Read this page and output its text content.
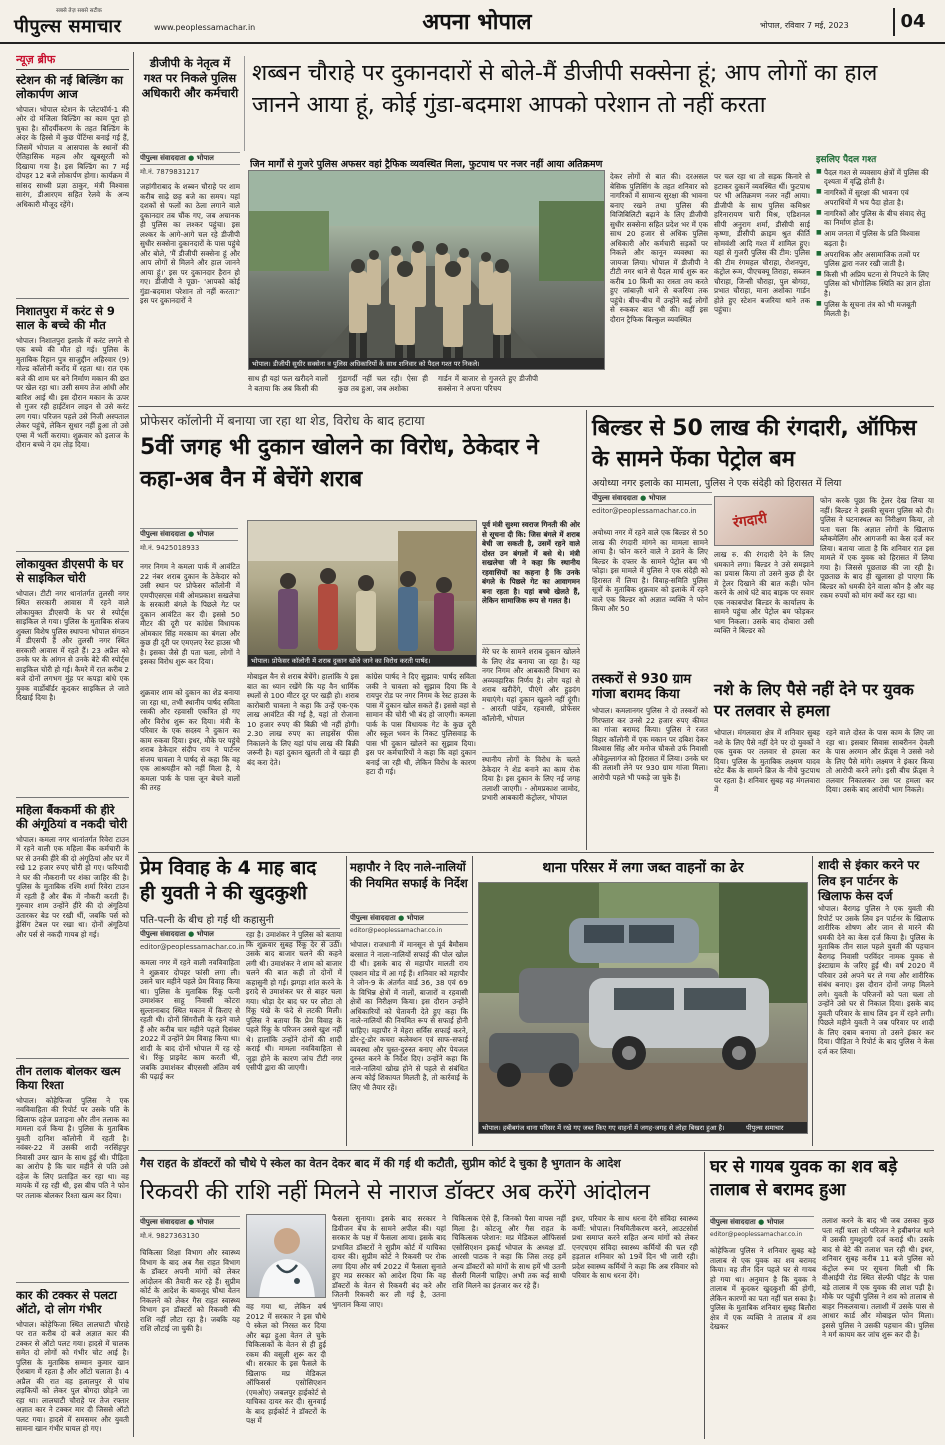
सबसे तेज़ सबसे सटीक
पीपुल्स समाचार	www.peoplessamachar.in	अपना भोपाल	भोपाल, रविवार 7 मई, 2023	04
न्यूज़ ब्रीफ
स्टेशन की नई बिल्डिंग का लोकार्पण आज
भोपाल। भोपाल स्टेशन के प्लेटफॉर्म-1 की ओर दो मंजिला बिल्डिंग का काम पूरा हो चुका है। सौंदर्यीकरण के तहत बिल्डिंग के अंदर के हिस्से में कुछ पेंटिंग्स बनाई गई हैं, जिसमें भोपाल व आसपास के स्थानों की ऐतिहासिक महत्व और खूबसूरती को दिखाया गया है। इस बिल्डिंग का 7 मई दोपहर 12 बजे लोकार्पण होगा। कार्यक्रम में सांसद साध्वी प्रज्ञा ठाकुर, मंत्री विश्वास सारंग, डीआरएम सहित रेलवे के अन्य अधिकारी मौजूद रहेंगे।
निशातपुरा में करंट से 9 साल के बच्चे की मौत
भोपाल। निशातपुरा इलाके में करंट लगने से एक बच्चे की मौत हो गई। पुलिस के मुताबिक रिहान पुत्र साजुद्दीन अहिरवार (9) गोल्ड कॉलोनी करोंद में रहता था। रात एक बजे की शाम घर बने निर्माण मकान की छत पर खेल रहा था। उसी समय तेज आंधी और बारिश आई थी। इस दौरान मकान के ऊपर से गुजर रही हाईटेंशन लाइन से उसे करंट लग गया। परिजन पहले उसे निजी अस्पताल लेकर पहुंचे, लेकिन सुधार नहीं हुआ तो उसे एम्स में भर्ती कराया। शुक्रवार को इलाज के दौरान बच्चे ने दम तोड़ दिया।
लोकायुक्त डीएसपी के घर से साइकिल चोरी
भोपाल। टीटी नगर थानांतर्गत तुलसी नगर स्थित सरकारी आवास में रहने वाले लोकायुक्त डीएसपी के घर से स्पोर्ट्स साइकिल ले गया। पुलिस के मुताबिक संजय शुक्ला विशेष पुलिस स्थापना भोपाल संगठन में डीएसपी हैं और तुलसी नगर स्थित सरकारी आवास में रहते हैं। 23 अप्रैल को उनके घर के आंगन से उनके बेटे की स्पोर्ट्स साइकिल चोरी हो गई। कैमरे में रात करीब 2 बजे दोनों लगभग मुंह पर कपड़ा बांधे एक युवक वार्डाेबॉर्डर कूदकर साइकिल ले जाते दिखाई दिया है।
महिला बैंककर्मी की हीरे की अंगूठियां व नकदी चोरी
भोपाल। कमला नगर थानांतर्गत रिवेरा टाउन में रहने वाली एक महिला बैंक कर्मचारी के घर से उनकी हीरे की दो अंगूठियां और घर में रखे 12 हजार रुपए चोरी हो गए। फरियादी ने घर की नौकरानी पर शंका जाहिर की है। पुलिस के मुताबिक रश्मि शर्मा रिवेरा टाउन में रहती हैं और बैंक में नौकरी करती हैं। गुरुवार शाम उन्होंने हीरे की दो अंगूठियां उतारकर बेड पर रखी थीं, जबकि पर्स को ड्रेसिंग टेबल पर रखा था। दोनों अंगूठियां और पर्स से नकदी गायब हो गई।
तीन तलाक बोलकर खत्म किया रिश्ता
भोपाल। कोहेफिजा पुलिस ने एक नवविवाहिता की रिपोर्ट पर उसके पति के खिलाफ दहेज प्रताड़ना और तीन तलाक का मामला दर्ज किया है। पुलिस के मुताबिक युवती दानिश कॉलोनी में रहती है। नवंबर-22 में उसकी शादी नरसिंहपुर निवासी उमर खान के साथ हुई थी। पीड़िता का आरोप है कि चार महीने से पति उसे दहेज के लिए प्रताड़ित कर रहा था। वह मायके में रह रही थी, इस बीच पति ने फोन पर तलाक बोलकर रिश्ता खत्म कर दिया।
कार की टक्कर से पलटा ऑटो, दो लोग गंभीर
भोपाल। कोहेफिजा स्थित लालघाटी चौराहे पर रात करीब दो बजे अज्ञात कार की टक्कर से ऑटो पलट गया। हादसे में चालक समेत दो लोगों को गंभीर चोट आई है। पुलिस के मुताबिक सम्मान कुमार खान ऐशबाग में रहता है और ऑटो चलाता है। 4 अप्रैल की रात वह हलालपुर से पांच लड़कियों को लेकर पुल बोगदा छोड़ने जा रहा था। लालघाटी चौराहे पर तेज रफ्तार अज्ञात कार ने टक्कर मार दी जिससे ऑटो पलट गया। हादसे में समसमर और युवती सामना खान गंभीर घायल हो गए।
डीजीपी के नेतृत्व में गश्त पर निकले पुलिस अधिकारी और कर्मचारी
शब्बन चौराहे पर दुकानदारों से बोले-मैं डीजीपी सक्सेना हूं; आप लोगों का हाल जानने आया हूं, कोई गुंडा-बदमाश आपको परेशान तो नहीं करता
जिन मार्गों से गुजरे पुलिस अफसर वहां ट्रैफिक व्यवस्थित मिला, फुटपाथ पर नजर नहीं आया अतिक्रमण
पीपुल्स संवाददाता ● भोपाल
मो.नं. 7879831217
जहांगीराबाद के शब्बन चौराहे पर शाम करीब साढ़े छह बजे का समय। यहां दशकों से फलों का ठेला लगाने वाले दुकानदार तब चौंक गए, जब अचानक ही पुलिस का लश्कर पहुंचा। इस लश्कर के आगे-आगे चल रहे डीजीपी सुधीर सक्सेना दुकानदारों के पास पहुंचे और बोले, 'मैं डीजीपी सक्सेना हूं और आप लोगों से मिलने और हाल जानने आया हूं।' इस पर दुकानदार हैरान हो गए। डीजीपी ने पूछा- 'आपको कोई गुंडा-बदमाश परेशान तो नहीं करता?' इस पर दुकानदारों ने
भोपाल। डीजीपी सुधीर सक्सेना व पुलिस अधिकारियों के साथ शनिवार को पैदल गश्त पर निकले।
साथ ही यहां फल खरीदने वालों ने बताया कि अब किसी की
गुंडागर्दी नहीं चल रही। ऐसा ही कुछ तब हुआ, जब अशोका
गार्डन में बाजार से गुजरते हुए डीजीपी सक्सेना ने अपना परिचय
देकर लोगों से बात की। दरअसल बेसिक पुलिसिंग के तहत शनिवार को नागरिकों में सामान्य सुरक्षा की भावना बनाए रखने तथा पुलिस की विजिबिलिटी बढ़ाने के लिए डीजीपी सुधीर सक्सेना सहित प्रदेश भर में एक साथ 20 हजार से अधिक पुलिस अधिकारी और कर्मचारी सड़कों पर निकले और कानून व्यवस्था का जायजा लिया। भोपाल में डीजीपी ने टीटी नगर थाने से पैदल मार्च शुरू कर करीब 10 किमी का रास्ता तय करते हुए जांबाज़ी थाने से बजरिया तक पहुंचे। बीच-बीच में उन्होंने कई लोगों से रुककर बात भी की। वहीं इस दौरान ट्रैफिक बिल्कुल व्यवस्थित
पर चल रहा था तो सड़क किनारे से हटाकर दुकानें व्यवस्थित थीं। फुटपाथ पर भी अतिक्रमण नजर नहीं आया। डीजीपी के साथ पुलिस कमिश्नर हरिनारायण चारी मिश्र, एडिशनल सीपी अनुराग शर्मा, डीसीपी साई कृष्णा, डीसीपी क्राइम श्रुत कीर्ति सोमवंशी आदि गश्त में शामिल हुए। यहां से गुजरी पुलिस की टीम: पुलिस की टीम रंगमहल चौराहा, रोशनपुरा, कंट्रोल रूम, पीएचक्यू तिराहा, सब्जन चौराहा, जिन्सी चौराहा, पुल बोगदा, प्रभात चौराहा, माना अशोका गार्डन होते हुए स्टेशन बजरिया थाने तक पहुंचा।
इसलिए पैदल गश्त
■ पैदल गश्त से व्यवसाय क्षेत्रों में पुलिस की दृश्यता में वृद्धि होती है।
■ नागरिकों में सुरक्षा की भावना एवं अपराधियों में भय पैदा होता है।
■ नागरिकों और पुलिस के बीच संवाद सेतु का निर्माण होता है।
■ आम जनता में पुलिस के प्रति विश्वास बढ़ता है।
■ अपराधिक और असामाजिक तत्वों पर पुलिस द्वारा नजर रखी जाती है।
■ किसी भी अप्रिय घटना से निपटने के लिए पुलिस को भौगोलिक स्थिति का ज्ञान होता है।
■ पुलिस के सूचना तंत्र को भी मजबूती मिलती है।
प्रोफेसर कॉलोनी में बनाया जा रहा था शेड, विरोध के बाद हटाया
5वीं जगह भी दुकान खोलने का विरोध, ठेकेदार ने कहा-अब वैन में बेचेंगे शराब
पीपुल्स संवाददाता ● भोपाल
मो.नं. 9425018933
भोपाल। प्रोफेसर कॉलोनी में शराब दुकान खोले जाने का विरोध करती पार्षद।
नगर निगम ने कमला पार्क में आवंटित 22 नंबर शराब दुकान के ठेकेदार को उसी स्थान पर प्रोफेसर कॉलोनी में एमपीएसएस मंत्री ओमप्रकाश सखलेचा के सरकारी बंगले के पिछले गेट पर दुकान आवंटित कर दी। इससे 50 मीटर की दूरी पर कांग्रेस विधायक ओमकार सिंह मरकाम का बंगला और कुछ ही दूरी पर एमएलए रेस्ट हाउस भी है। इसका जैसे ही पता चला, लोगों ने इसका विरोध शुरू कर दिया।
शुक्रवार शाम को दुकान का शेड बनाया जा रहा था, तभी स्थानीय पार्षद सविता रसकी और रहवासी एकत्रित हो गए और विरोध शुरू कर दिया। मंत्री के परिवार के एक सदस्य ने दुकान का काम रुकवा दिया। इधर, मौके पर पहुंचे शराब ठेकेदार संदीप राय ने पार्टनर संजय चावला ने पार्षद से कहा कि वह एक आश्रयहीन को नहीं मिला है, ये कमला पार्क के पास जून बेचने वालों की तरह
मोबाइल वैन से शराब बेचेंगे। हालांकि ये इस बात का ध्यान रखेंगे कि यह वैन धार्मिक स्थलों से 100 मीटर दूर पर खड़ी हो। शराब कारोबारी चावला ने कहा कि उन्हें एक-एक लाख आवंटित की गई है, यहां तो रोजाना 10 हजार रुपए की बिक्री भी नहीं होगी। 2.30 लाख रुपए का लाइसेंस फीस निकालने के लिए यहां पांच लाख की बिक्री जरूरी है। यहां दुकान खुलती तो वे खड़ा ही बंद करा देते।
कांग्रेस पार्षद ने दिए सुझाव: पार्षद सविता जकी ने चावला को सुझाव दिया कि वे रायपुर रोड पर नगर निगम के रेस्ट हाउस के पास में दुकान खोल सकते हैं। इससे वहां से सामान की चोरी भी बंद हो जाएगी। कमला पार्क के पास विधायक गेट के कुछ दूरी और स्कूल भवन के निकट पुलिसवाड़ के पास भी दुकान खोलने का सुझाव दिया। इस पर कर्मचारियों ने कहा कि वहां दुकान बनाई जा रही थी, लेकिन विरोध के कारण हटा दी गई।
पूर्व मंत्री सुश्मा स्वराज गिनती की ओर से सूचना दी कि: जिस बंगले में शराब बेची जा सकती है, उसमें रहने वाले दोस्त उन बंगलों में बसे थे। मंत्री सखलेचा जी ने कहा कि स्थानीय रहवासियों का कहना है कि उनके बंगले के पिछले गेट का आवागमन बना रहता है। यहां बच्चे खेलते हैं, लेकिन सामाजिक रूप से गलत है।
मेरे घर के सामने शराब दुकान खोलने के लिए शेड बनाया जा रहा है। यह नगर निगम और आबकारी विभाग का अव्यवहारिक निर्णय है। लोग यहां से शराब खरीदेंगे, पीएंगे और हुड़दंग मचाएंगे। यहां दुकान खुलने नहीं दूंगी। - आरती पांडेय, रहवासी, प्रोफेसर कॉलोनी, भोपाल
स्थानीय लोगों के विरोध के चलते ठेकेदार ने शेड बनाने का काम रोक दिया है। इस दुकान के लिए नई जगह तलाशी जाएगी। - ओमप्रकाश जामोद, प्रभारी आबकारी कंट्रोलर, भोपाल
बिल्डर से 50 लाख की रंगदारी, ऑफिस के सामने फेंका पेट्रोल बम
अयोध्या नगर इलाके का मामला, पुलिस ने एक संदेही को हिरासत में लिया
पीपुल्स संवाददाता ● भोपाल
editor@peoplessamachar.co.in	रंगदारी
अयोध्या नगर में रहने वाले एक बिल्डर से 50 लाख की रंगदारी मांगने का मामला सामने आया है। फोन करने वाले ने डराने के लिए बिल्डर के दफ्तर के सामने पेट्रोल बम भी फोड़ा। इस मामले में पुलिस ने एक संदेही को हिरासत में लिया है। विवाह-समिति पुलिस सूत्रों के मुताबिक शुक्रवार को इलाके में रहने वाले एक बिल्डर को अज्ञात व्यक्ति ने फोन किया और 50
लाख रु. की रंगदारी देने के लिए धमकाने लगा। बिल्डर ने उसे समझाने का प्रयास किया तो उसने कुछ ही देर में ट्रेलर दिखाने की बात कही। फोन करने के आधे घंटे बाद बाइक पर सवार एक नकाबपोश बिल्डर के कार्यालय के सामने पहुंचा और पेट्रोल बम फोड़कर भाग निकला। उसके बाद दोबारा उसी व्यक्ति ने बिल्डर को
फोन करके पूछा कि ट्रेलर देख लिया या नहीं। बिल्डर ने इसकी सूचना पुलिस को दी। पुलिस ने घटनास्थल का निरीक्षण किया, तो पता चला कि अज्ञात लोगों के खिलाफ ब्लैकमेलिंग और आगजनी का केस दर्ज कर लिया। बताया जाता है कि शनिवार रात इस मामले में एक युवक को हिरासत में लिया गया है। जिससे पूछताछ की जा रही है। पूछताछ के बाद ही खुलासा हो पाएगा कि बिल्डर को धमकी देने वाला कौन है और वह रकम रुपयों को मांग क्यों कर रहा था।
तस्करों से 930 ग्राम गांजा बरामद किया
भोपाल। कमलानगर पुलिस ने दो तस्करों को गिरफ्तार कर उनसे 22 हजार रुपए कीमत का गांजा बरामद किया। पुलिस ने रजत विहार कॉलोनी में एक मकान पर दबिश देकर विश्वास सिंह और मनोज चौकसे उर्फ निवासी औवेदुल्लागंज को हिरासत में लिया। उनके घर की तलाशी लेने पर 930 ग्राम गांजा मिला। आरोपी पहले भी पकड़े जा चुके हैं।
नशे के लिए पैसे नहीं देने पर युवक पर तलवार से हमला
भोपाल। मंगलवारा क्षेत्र में शनिवार सुबह नशे के लिए पैसे नहीं देने पर दो युवकों ने एक युवक पर तलवार से हमला कर दिया। पुलिस के मुताबिक लक्ष्मण यादव स्टेट बैंक के सामने ब्रिज के नीचे फुटपाथ पर रहता है। शनिवार सुबह वह मंगलवारा में
रहने वाले दोस्त के पास काम के लिए जा रहा था। इसबार सिवास साबरीनन देवली के पास अरमान और फ्रेंड्स ने उससे नशे के लिए पैसे मांगे। लक्ष्मण ने इंकार किया तो आरोपी करने लगे। इसी बीच फ्रेंड्स ने तलवार निकालकर उस पर हमला कर दिया। उसके बाद आरोपी भाग निकले।
प्रेम विवाह के 4 माह बाद ही युवती ने की खुदकुशी
पति-पत्नी के बीच हो गई थी कहासुनी
पीपुल्स संवाददाता ● भोपाल
editor@peoplessamachar.co.in
कमला नगर में रहने वाली नवविवाहिता ने शुक्रवार दोपहर फांसी लगा ली। उसने चार महीने पहले प्रेम विवाह किया था। पुलिस के मुताबिक रिंकू पत्नी उमाशंकर साहू निवासी कोटरा सुल्तानाबाद स्थित मकान में किराए से रहती थी। दोनों सिंगरौली के रहने वाले हैं और करीब चार महीने पहले दिसंबर 2022 में उन्होंने प्रेम विवाह किया था। शादी के बाद दोनों भोपाल में रह रहे थे। रिंकू प्राइवेट काम करती थी, जबकि उमाशंकर बीएससी अंतिम वर्ष की पढ़ाई कर
रहा है। उमाशंकर ने पुलिस को बताया कि शुक्रवार सुबह रिंकू देर से उठी। उसके बाद बाजार चलने की कहने लगी थी। उमाशंकर ने शाम को बाजार चलने की बात कही तो दोनों में कहासुनी हो गई। झगड़ा शांत करने के इरादे से उमाशंकर घर से बाहर चला गया। थोड़ा देर बाद घर पर लौटा तो रिंकू पंखे के फंदे से लटकी मिली। पुलिस ने बताया कि प्रेम विवाह के पहले रिंकू के परिजन उससे खुश नहीं थे। हालांकि उन्होंने दोनों की शादी कराई थी। मामला नवविवाहिता से जुड़ा होने के कारण जांच टीटी नगर एसीपी द्वारा की जाएगी।
महापौर ने दिए नाले-नालियों की नियमित सफाई के निर्देश
पीपुल्स संवाददाता ● भोपाल
editor@peoplessamachar.co.in
भोपाल। राजधानी में मानसून से पूर्व बैमौसम बरसात ने नाला-नालियों सफाई की पोल खोल दी थी। इसके बाद से महापौर मालती राय एक्शन मोड में आ गई हैं। शनिवार को महापौर ने जोन-9 के अंतर्गत वार्ड 36, 38 एवं 69 के विभिन्न क्षेत्रों में नालों, बाजारों व रहवासी क्षेत्रों का निरीक्षण किया। इस दौरान उन्होंने अधिकारियों को चेतावनी देते हुए कहा कि नाले-नालियों की नियमित रूप से सफाई होनी चाहिए। महापौर ने मेहरा सर्विस सफाई करने, डोर-टू-डोर कचरा कलेक्शन एवं साफ-सफाई व्यवस्था और चुस्त-दुरुस्त बनाए और पेयजल दुरुस्त करने के निर्देश दिए। उन्होंने कहा कि नाले-नालियां खोख होने से पहले से संबंधित अन्य कोई शिकायत मिलती है, तो कार्रवाई के लिए भी तैयार रहें।
थाना परिसर में लगा जब्त वाहनों का ढेर
भोपाल। हबीबगंज थाना परिसर में रखे गए जब्त किए गए वाहनों में जगह-जगह से लोहा बिखरा हुआ है।	पीपुल्स समाचार
शादी से इंकार करने पर लिव इन पार्टनर के खिलाफ केस दर्ज
भोपाल। बैरागढ़ पुलिस ने एक युवती की रिपोर्ट पर उसके लिव इन पार्टनर के खिलाफ शारीरिक शोषण और जान से मारने की धमकी देने का केस दर्ज किया है। पुलिस के मुताबिक तीन साल पहले युवती की पहचान बैरागढ़ निवासी परविंदर नामक युवक से इंस्टाग्राम के जरिए हुई थी। वर्ष 2020 में परिवार उसे अपने घर ले गया और शारीरिक संबंध बनाए। इस दौरान दोनों जगह मिलने लगे। युवती के परिजनों को पता चला तो उन्होंने उसे घर से निकाल दिया। इसके बाद युवती परिवार के साथ लिव इन में रहने लगी। पिछले महीने युवती ने जब परिवार पर शादी के लिए दबाव बनाया तो उसने इंकार कर दिया। पीड़िता ने रिपोर्ट के बाद पुलिस ने केस दर्ज कर लिया।
गैस राहत के डॉक्टरों को चौथे पे स्केल का वेतन देकर बाद में की गई थी कटौती, सुप्रीम कोर्ट दे चुका है भुगतान के आदेश
रिकवरी की राशि नहीं मिलने से नाराज डॉक्टर अब करेंगे आंदोलन
पीपुल्स संवाददाता ● भोपाल
मो.नं. 9827363130
चिकित्सा शिक्षा विभाग और स्वास्थ्य विभाग के बाद अब गैस राहत विभाग के डॉक्टर अपनी मांगों को लेकर आंदोलन की तैयारी कर रहे हैं। सुप्रीम कोर्ट के आदेश के बावजूद चौथा वेतन निकलने को लेकर गैस राहत स्वास्थ्य विभाग इन डॉक्टरों को रिकवरी की राशि नहीं लौटा रहा है। जबकि यह राशि लौटाई जा चुकी है।
वह गया था, लेकिन वर्ष 2012 में सरकार ने इस चौथे पे स्केल को निरस्त कर दिया और बढ़ा हुआ वेतन ले चुके चिकित्सकों के वेतन से ही हुई रकम की वसूली शुरू कर दी थी। सरकार के इस फैसले के खिलाफ मप्र मेडिकल ऑफिसर्स एसोसिएशन (एमओए) जबलपुर हाईकोर्ट से याचिका दायर कर दी। सुनवाई के बाद हाईकोर्ट ने डॉक्टरों के पक्ष में
फैसला सुनाया। इसके बाद सरकार ने डिवीजन बेंच के सामने अपील की। यहां सरकार के पक्ष में फैसला आया। इसके बाद प्रभावित डॉक्टरों ने सुप्रीम कोर्ट में याचिका दायर की। सुप्रीम कोर्ट ने रिकवरी पर रोक लगा दिया और वर्ष 2022 में फैसला सुनाते हुए मप्र सरकार को आदेश दिया कि वह डॉक्टरों के वेतन से रिकवरी बंद करे और जितनी रिकवरी कर ली गई है, उतना भुगतान किया जाए।
चिकित्सक ऐसे हैं, जिनको पैसा वापस नहीं मिला है। कोटजू और गैस राहत के चिकित्सक परेशान: मप्र मेडिकल ऑफिसर्स एसोसिएशन इकाई भोपाल के अध्यक्ष डॉ. आरसी पाठक ने कहा कि जिस तरह हमें अन्य डॉक्टरों को मांगों के साथ हमें भी उतनी सैलरी मिलनी चाहिए। अभी तक कई साथी राशि मिलने का इंतजार कर रहे हैं।
इधर, परिवार के साथ धरना देंगे संविदा स्वास्थ्य कर्मी: भोपाल। नियमितीकरण करने, आउटसोर्स प्रथा समाप्त करने सहित अन्य मांगों को लेकर एनएचएम संविदा स्वास्थ्य कर्मियों की चल रही हड़ताल शनिवार को 19वें दिन भी जारी रही। प्रदेश स्वास्थ्य कर्मियों ने कहा कि अब रविवार को परिवार के साथ धरना देंगे।
घर से गायब युवक का शव बड़े तालाब से बरामद हुआ
पीपुल्स संवाददाता ● भोपाल
editor@peoplessamachar.co.in
कोहेफिजा पुलिस ने शनिवार सुबह बड़े तालाब से एक युवक का शव बरामद किया। वह तीन दिन पहले घर से गायब हो गया था। अनुमान है कि युवक ने तालाब में कूदकर खुदकुशी की होगी, लेकिन कारणों का पता नहीं चल सका है। पुलिस के मुताबिक शनिवार सुबह बिलौरा क्षेत्र में एक व्यक्ति ने तालाब में शव देखकर
तलाश करने के बाद भी जब उसका कुछ पता नहीं चला तो परिजन ने हबीबगंज थाने में उसकी गुमशुदगी दर्ज कराई थी। उसके बाद से बेटे की तलाश चल रही थी। इधर, शनिवार सुबह करीब 11 बजे पुलिस को कंट्रोल रूम पर सूचना मिली थी कि वीआईपी रोड स्थित सेल्फी पॉइंट के पास बड़े तालाब में एक युवक की लाश पड़ी है। मौके पर पहुंची पुलिस ने शव को तालाब से बाहर निकलवाया। तलाशी में उसके पास से आधार कार्ड और मोबाइल फोन मिला। इससे पुलिस ने उसकी पहचान की। पुलिस ने मर्ग कायम कर जांच शुरू कर दी है।
